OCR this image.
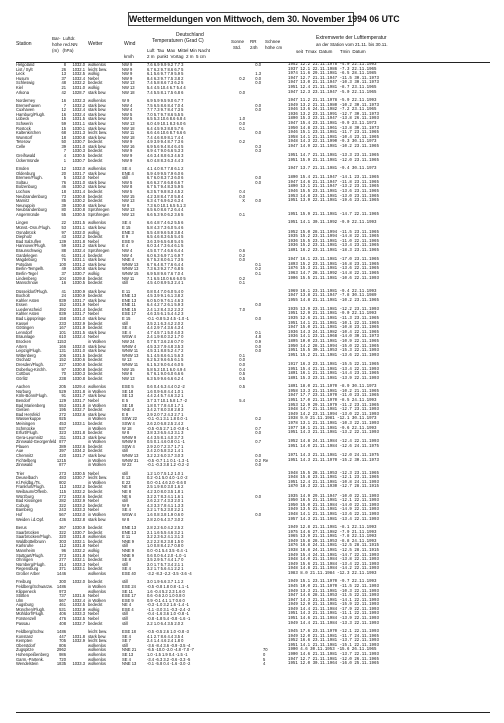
Wettermeldungen von Mittwoch, dem 30. November 1994 06 UTC
Station
Bar-  Luftdr.
höhe red.NN
(m)   (hPa)
Wetter	Wind
km/h
Deutschland
Temperaturen (Grad C)
Luft  Tau  Max  Mittel Min Nacht
2 m  punkt  Vortag  2 m  5 cm
Sonne
Std.
RR
24h
Schnee
höhe cm
Extremwerte der Lufttemperatur
an der Station vom 21.11. bis 30.11.
seit  Tmax  Datum      Tmin  Datum
Helgoland	8	1032.0 wolkenlos	NW 9	7.6 6.9 9.9 9.2 7.7 3	0.0	1952 12.2 21.11.1978 -4.0 22.11.1993
List / Sylt	26	1032.1 leicht bew.	NW 9	6.7 6.2 9.7 8.6 6.7 5	1937 12.1 22.11.1986 -7.3 22.11.1965
Leck	13	1032.5 wolkig	NW 9	6.1 5.6 9.7 7.9 5.9 5	1.3	1974 11.6 29.11.1981 -6.5 28.11.1985
Husum	37	1032.4 Nebel	NW 9	8.4 6.3 9.7 7.5 3.8 2	0.2	0.0	1947 12.7 21.11.1947 -11.5 30.11.1973
Schleswig	48	1032.2 bedeckt	NW 13	7.4 5.8 8.6 7.3 6.2 5	0.0	1947 13.0 21.11.1947 -10.3 30.11.1973
Kiel	21	1031.0 wolkig	NW 13	5.4 4.5 10.4 6.7 5.4 4	1951 12.4 21.11.1981 -8.7 23.11.1965
Arkona	42	1028.7 stark bew.	NW 18	7.4 5.5 8.1 7.5 6.8 6	0.0	1947 12.3 23.11.1947 -5.0 22.11.1965
Norderney	16	1032.3 wolkenlos	W 9	6.9 5.9 9.5 9.0 6.7 7	1947 11.2 21.11.1978 -5.9 22.11.1993
Bremerhaven	7	1032.2 stark bew.	NW 4	7.5 6.5 8.6 8.4 7.0 4	0.0	1949 13.2 21.11.1980 -10.2 30.11.1973
Cuxhaven	12	1032.4 stark bew.	NW 4	7.7 7.3 9.7 8.4 7.3 5	0.0	1946 13.6 24.11.1982 -7.2 23.11.1965
Hamburg/Flugh.	16	1032.4 stark bew.	NW 5	7.0 5.7 9.7 8.6 5.5 5	1936 13.2 23.11.1991 -12.7 30.11.1973
Lübeck	15	1031.5 stark bew.	NW 5	6.5 5.3 10.6 8.6 6.8 4	1.0	1890 15.3 23.11.1947 -13.8 26.11.1993
Schwerin	59	1031.1 stark bew.	NW 13	6.0 4.9 10.1 8.3 6.0 6	0.0	1947 15.4 23.11.1981 -9.9 23.11.1973
Rostock	15	1030.1 stark bew.	NW 18	6.4 4.5 9.3 8.8 5.7 6	0.1	1950 14.8 23.11.1961 -13.8 30.11.1973
Kaltenkirchen	68	1031.3 leicht bew.	NW 11	6.6 4.6 10.6 8.7 6.6 6	0.0	1946 15.1 23.11.1981 -11.7 23.11.1965
Wunstorf	18	1030.8 stark bew.	NW 18	7.4 4.6 8.9 8.1 7.4 4	1958 14.1 21.11.1981 -10.4 23.11.1965
Teterow	50	1030.7 bedeckt	NW 9	4.9 3.9 9.4 8.7 7.3 6	0.2	1948 14.3 22.11.1990 -9.3 30.11.1973
Celle	39	1031.0 stark bew.	NW 16	6.9 5.6 9.4 8.4 6.4 5	0.3	1947 14.9 22.11.1981 -10.2 23.11.1965
7	1030.3 bedeckt	NW 9	6.9 4.7 9.0 6.6 5.3 3	0.3
Greifswald	4	1030.5 bedeckt	NW 9	4.6 3.4 8.8 6.3 4.6 3	1951 14.7 21.11.1981 -13.3 23.11.1965
Ückermünde	1	1030.7 bedeckt	NW 9	6.0 4.8 8.3 6.3 4.4 3	1951 15.9 21.11.1981 -12.0 23.11.1965
Emden	12	1032.0 wolkenlos	SE 4	4.1 4.0 8.7 7.8 6.1 2	1947 13.7 21.11.1981 -9.4 30.11.1973
Oldenburg	20	1031.7 stark bew.	ENE 4	5.9 4.9 9.5 7.9 6.0 6
Bremen/Flugh.	5	1032.0 Nebel	still	6.7 6.0 8.3 7.3 6.0 6	0.0	1890 15.4 21.11.1947 -14.1 23.11.1965
Soltau	76	1031.0 stark bew.	NW 5	6.6 6.2 7.6 6.8 6.6 7	0.0	1947 14.6 21.11.1947 -11.8 23.11.1965
Bolzenburg	46	1030.2 stark bew.	NW 8	6.7 5.7 9.4 8.3 5.9 5	1890 13.1 21.11.1947 -13.2 23.11.1965
Lüchow	18	1031.4 bedeckt	NW 5	6.3 5.7 9.8 8.3 4.5 2	0.4	1946 15.5 23.11.1981 -13.6 23.11.1965
Neubrandenburg	73	1030.8 bedeckt	NW 15	4.2 3.8 8.4 7.0 5.8 4	0.0	1953 14.8 23.11.1981 -13.0 23.11.1965
Marnitz	85	1030.2 bedeckt	NW 13	6.3 4.7 6.9 6.2 6.3 4	X	0.0	1951 13.9 22.11.1981 -19.6 23.11.1965
Neuruppin	39	1030.8 stark bew.	W 8	7.3 6.0 10.1 6.5 5.1 3
Neubrandenburg	80	1030.8 Sprühregen	NW 13	6.5 6.0 8.6 7.2 6.4 4
Angermünde	55	1030.5 Sprühregen	NW 13	6.6 5.3 9.0 6.2 3.6 5	0.1	1951 15.9 21.11.1981 -14.7 22.11.1965
Lingen	22	1031.5 wolkenlos	SE 4	6.6 4.8 7.4 6.2 5.5 6	1951 14.1 30.11.1992 -9.0 22.11.1993
Münst.-Osn./Flugh.	53	1031.1 stark bew.	E 15	5.8 4.3 7.3 6.0 5.4 6
Osnabrück	97	1032.0 wolkig	ENE 3	5.5 4.8 9.6 5.8 3.8 4	1952 15.0 28.11.1994 -11.5 23.11.1965
Diepholz	43	1032.2 bedeckt	E 9	6.5 4.6 8.3 6.5 5.4 5	1935 15.2 23.11.1994 -14.8 22.11.1965
Bad Salzuflen	139	1031.8 Nebel	ESE 9	3.6 3.9 6.5 6.8 5.4 5	1936 15.5 23.11.1981 -11.0 22.11.1965
Hannover/Flugh.	59	1031.2 stark bew.	E 4	6.0 3.4 7.3 6.4 6.1 5	1936 15.2 23.11.1981 -13.4 23.11.1965
Braunschweig	88	1032.4 Sprühregen	NW 4	4.5 0.7 7.4 6.6 6.4 4	0.6	1891 16.2 23.11.1981 -18.3 23.11.1965
Gardelegen	61	1031.4 bedeckt	NW 4	6.0 6.3 6.9 7.1 6.9 7	0.2
Magdeburg	76	1031.1 stark bew.	NNE 4	6.7 5.2 8.0 6.1 7.3 5	0.0	1947 16.1 23.11.1981 -17.0 23.11.1965
Potsdam	100	1031.2 stark bew.	WNW 13	6.7 6.4 8.7 7.6 6.4 4	0.1	1893 15.2 23.11.1981 -16.8 23.11.1965
Berlin-Tempelh.	49	1030.8 stark bew.	WNW 13	7.3 6.3 9.2 7.7 6.8 5	0.2	1876 15.3 21.11.1981 -13.6 22.11.1965
Berlin-Tegel	37	1030.7 wolkig	WNW 15	6.9 5.8 9.6 7.6 7.0 4	0.1	1963 14.7 28.11.1992 -14.8 22.11.1965
Lindenberg	104	1029.8 bedeckt	NW 11	7.1 6.5 10.0 6.6 6.0 5	0.2	1906 15.5 21.11.1981 -10.6 22.11.1993
Manschnow	16	1030.5 bedeckt	still	4.5 4.0 8.9 5.3 2.4 1	0.1
Düsseldorf/Flugh.	41	1030.9 stark bew.	E 11	0.8 0.4 7.0 6.0 5.4 0	1969 16.1 23.11.1981 -9.4 22.11.1993
Bocholt	24	1030.9 bedeckt	ENE 13	4.5 3.9 9.1 6.1 3.8 2	1947 13.8 21.11.1947 -7.8 30.11.1989
Kahler Asten	839	1031.7 stark bew.	ENE 13	6.0 5.0 9.7 6.1 4.6 3	1955 14.8 21.11.1981 -10.2 23.11.1965
Essen	152	1031.9 Nebel	ENE 11	6.4 4.2 7.2 6.1 5.9 3	0.0
Luedenscheid	392	1031.4 bedeckt	ENE 15	2.4 1.2 8.4 3.2 2.3 2	7.0	1935 13.9 23.11.1981 -12.2 23.11.1993
Kahler Asten	839	1031.7 Nebel	ESE 17	4.6 3.5 6.1 5.4 4.2 3	1951 12.9 21.11.1981 -9.0 22.11.1993
Bad Lippspringe	158	1031.0 stark bew.	E 15	-0.1 -0.8 5.3 4.5 -1.0 -1	0.0	1935 12.6 21.11.1981 -11.3 23.11.1965
Kassel	233	1032.9 bedeckt	still	3.5 2.1 6.3 4.2 2.0 2	1951 14.1 21.11.1981 -10.1 22.11.1965
Göttingen	167	1031.9 bedeckt	SE 4	4.4 2.9 7.4 3.6 4.3 4	1947 15.0 21.11.1981 -10.8 23.11.1965
Lenndorf	101	1031.5 stark bew.	SE 4	4.7 4.5 7.1 5.0 4.0 3	0.1	1936 14.3 24.11.1982 -10.4 22.11.1965
Braunlage	610	1032.4 Nebel	WSW 4	2.4 1.9 8.0 3.2 1.7 0	4.8	1936 14.1 23.11.1968 -14.0 30.11.1973
Brocken	1153	in Wolken	NW 24	0.7 0.7 3.6 2.6 0.7 0	0.9	1895 10.0 23.11.1981 -10.9 22.11.1965
Artern	166	1032.0 stark bew.	WNW 4	4.5 3.3 7.9 4.8 3.5 3	0.0	1950 14.2 28.11.1994 -15.0 22.11.1965
Leipzig/Flugh.	131	1031.0 stark bew.	WNW 11	4.5 3.1 8.8 5.2 4.7 2	0.0	1951 15.5 30.11.1953 -15.3 22.11.1993
Wittenberg	106	1031.5 bedeckt	WNW 13	5.1 4.5 8.6 6.1 5.6 3	0.1	1951 15.2 21.11.1981 -13.6 22.11.1993
Oschatz	152	1030.6 bedeckt	W 13	6.2 5.2 9.6 6.5 6.1 5	0.0
Dresden/Flugh.	227	1030.8 bedeckt	WNW 11	6.1 5.2 9.0 6.4 6.0 5	0.0	1917 16.3 23.11.1981 -15.5 22.11.1965
Doberlug-Kirchh.	97	1030.8 bedeckt	NW 15	5.8 5.2 10.1 6.0 4.9 4	0.4	1951 15.4 21.11.1981 -13.4 22.11.1993
Cottbus	70	1030.3 bedeckt	NW 8	6.7 6.1 9.0 6.0 6.6 6	0.5	1891 16.1 21.11.1981 -14.4 23.11.1965
Görlitz	238	1030.8 bedeckt	NW 13	6.3 5.9 9.6 6.6 6.2 4	0.5	1891 15.3 23.11.1981 -13.9 22.11.1993
Aachen	205	1029.4 wolkenlos	ESE 5	0.6 0.4 6.3 4.4 0.2 -2	0.5	1891 18.0 21.11.1970 -8.9 30.11.1973
Nürburg	529	1031.8 in Wolken	SE 18	1.6 0.9 6.8 4.4 1.0 1	1958 13.3 21.11.1981 -10.2 21.11.1965
Köln-Bonn/Flugh.	91	1031.7 stark bew.	SE 13	4.4 2.4 5.7 4.6 3.2 1	1947 17.7 23.11.1970 -11.0 23.11.1965
Bendorf	129	1031.7 Nebel	E 5	3.7 3.7 10.1 5.8 1.7 -2	5.4	1951 17.0 21.11.1970 -8.5 24.11.1993
Bad Marienberg	553	1031.8 in Wolken	SE 18	1.8 0.7 7.8 4.0 1.7 1	1953 12.9 29.11.1979 -11.2 23.11.1965
Gießen	195	1032.7 bedeckt	NNE 4	3.4 2.7 8.0 3.8 2.8 3	1948 14.7 21.11.1981 -12.7 23.11.1993
Bad Hersfeld	272	1032.6 stark bew.	E 8	2.9 2.0 7.2 4.3 2.7 1	1949 14.2 23.11.1994 -13.0 22.11.1993
Wasserkuppe	925	in Wolken	SSW 22	-0.1 -0.1 3.1 1.8 0.0 -1	0.2	1938 9.9 21.11.1981 -12.1 30.11.1973
Meiningen	453	1033.1 bedeckt	SSW 4	2.6 2.0 6.8 2.5 2.4 2	1978 13.1 21.11.1981 -10.3 22.11.1993
Schmücke	937	in Wolken	W 18	-0.5 -0.5 2.7 1.0 -0.8 -1	0.7	1977 10.1 21.11.1981 -9.6 22.11.1993
Erfurt/Flugh.	323	1031.8 bedeckt	W 8	3.8 3.3 6.5 4.3 3.1 3	0.0	1951 14.3 21.11.1981 -13.2 22.11.1993
Gera-Leumnitz	311	1031.3 stark bew.	WNW 9	4.4 3.5 8.1 4.0 3.7 3
Zinnwald-Georgenfeld 877	in Wolken	WNW 9	0.5 0.1 4.6 0.8 0.1 -1	0.7	1952 14.8 24.11.1984 -12.4 22.11.1993
Plauen	389	1032.6 bedeckt	SSW 4	2.9 2.0 7.2 3.7 1.7 1	1951 14.0 21.11.1984 -12.6 24.11.1975
Aue	397	1034.2 bedeckt	still	2.4 2.0 5.8 3.2 1.4 1
Chemnitz	420	1031.7 stark bew.	WNW 13	3.2 2.2 6.0 3.7 3.0 3	0.0	1971 14.3 21.11.1981 -12.0 24.11.1975
Fichtelberg	1215	in Wolken	WNW 31	-0.5 -0.7 1.1 0.1 -1.3 -1	0.2 Re	1951 14.3 21.11.1970 -15.2 30.11.1973
Zinnwald	877	in Wolken	W 22	-0.1 -0.3 3.8 1.2 -0.2 -2	0.0
Trier	273	1030.5 Nebel	still	1.2 1.0 7.5 1.2 1.0 1	1948 15.5 28.11.1953 -12.3 23.11.1965
Deuselbach	483	1030.7 leicht bew.	E 13	0.2 -0.1 5.0 4.0 -1.0 -2	1948 15.8 23.11.1981 -12.1 23.11.1965
Kl.Feldbg./Ts.	802	in Wolken	E 22	0.0 -0.1 4.6 2.0 -0.6 0	1951 12.4 21.11.1981 -10.8 24.11.1993
Frankfurt/Flugh.	113	1032.2 bedeckt	NE 8	2.5 1.9 8.0 3.0 1.6 2	1870 18.3 22.11.1930 -12.7 28.11.1915
Weibaum/Offenb.	115	1032.2 bedeckt	NE 8	4.2 3.0 8.0 3.5 1.8 1
Würzburg	272	1032.6 bedeckt	NE 6	3.2 2.7 8.3 4.1 1.6 1	0.0	1935 14.9 29.11.1947 -10.0 22.11.1993
Bad Kissingen	282	1032.9 Nebel	still	2.6 2.2 7.4 3.3 2.0 1	1950 16.5 21.11.1981 -12.1 22.11.1993
Coburg	322	1033.2 bedeckt	W 9	4.3 3.3 7.8 4.1 1.3 3	1950 15.0 21.11.1984 -14.0 22.11.1993
Bamberg	243	1033.3 Nebel	SE 4	2.2 1.7 5.2 3.0 2.2 1	1949 13.5 21.11.1981 -14.9 22.11.1993
Hof	567	1032.0 in Wolken	WSW 4	1.6 0.8 3.8 1.9 0.6 0	0.0	1948 14.1 21.11.1981 -13.6 22.11.1993
Weiden i.d.Opf.	436	1032.8 stark bew.	W 8	2.8 2.0 6.4 3.7 3.0 2	1957 14.3 21.11.1981 -13.4 22.11.1993
Berus	367	1030.9 bedeckt	ENE 13	2.8 2.2 6.0 4.2 2.5 2	1949 12.8 21.11.1981 -8.1 22.11.1993
Saarbrücken	322	1030.7 bedeckt	ENE 13	2.1 1.6 5.5 4.6 3.2 1	1975 14.6 27.11.1982 -7.9 21.11.1993
Saarbrücken/Flugh.	320	1031.8 wolkenlos	E 11	3.2 2.3 6.2 4.1 3.1 3	1965 13.9 21.11.1981 -7.8 22.11.1993
Waldbüttelbrunn	303	1032.1 bedeckt	NNE 9	2.2 2.2 8.2 3.8 1.5 0	1949 15.8 28.11.1953 -8.8 24.11.1993
Karlsruhe	112	1031.8 Nebel	still	1.0 0.8 8.4 2.7 0.8 0	1876 16.8 24.11.1981 -12.5 28.11.1915
Mannheim	96	1032.2 wolkig	NNE 9	0.0 -0.1 5.4 3.5 -0.4 -1	1938 16.8 24.11.1981 -12.5 28.11.1915
Stuttgart/Flugh.	373	1031.8 Nebel	NNE 9	0.6 0.0 6.4 2.0 -1.0 -1	1949 15.4 24.11.1981 -14.7 22.11.1993
Ohringen	277	1032.1 bedeckt	SE 8	3.5 2.9 5.7 4.4 1.7 0	1948 14.0 21.11.1984 -13.8 22.11.1993
Nürnberg/Flugh.	314	1033.3 Nebel	still	2.0 1.7 5.7 3.4 2.1 1	1949 15.6 21.11.1984 -13.4 22.11.1993
Regensburg	371	1033.1 bedeckt	SE 4	3.2 1.7 5.6 4.1 2.2 1	1948 14.8 21.11.1984 -14.2 22.11.1993
Großer Arber	1446	wolkenlos	ESE 40	-3.2 -8.3 -2.2 -3.5 -3.6 -4	1983 8.0 21.11.1984 -12.3 22.11.1993
Freiburg	300	1032.0 bedeckt	still	3.0 1.9 6.6 3.7 1.1 2	1949 15.1 23.11.1970 -9.7 22.11.1993
Feldberg/Schwarzw. 1486	in Wolken	ESE 24	-0.5 -0.8 1.8 0.8 -1.1 -1	1945 10.0 21.11.1970 -11.5 22.11.1993
Klippeneck	973	wolkenlos	SE 11	1.6 -0.4 5.2 2.3 1.6 0	1949 13.3 21.11.1981 -10.3 22.11.1993
Stötten	737	1031.6 Nebel	ESE 17	0.6 -0.6 2.0 1.0 0.8 0	1947 14.6 28.11.1953 -11.5 22.11.1993
Ulm	567	1032.4 in Wolken	ESE 9	0.9 -0.1 4.1 1.7 0.6 0	1947 14.3 21.11.1981 -14.1 22.11.1993
Augsburg	461	1032.5 bedeckt	NE 4	-0.3 -1.0 3.2 1.6 -1.4 -1	1949 12.9 21.11.1981 -15.9 22.11.1993
München/Flugh.	531	1032.9 wolkig	ESE 4	-1.1 -3.0 3.1 -0.3 -2.4 -2	1949 14.4 21.11.1984 -17.9 22.11.1993
Mühldorf/Flugh.	406	1033.3 Nebel	still	-0.4 -1.6 3.6 1.0 -0.8 -1	1951 14.3 21.11.1981 -11.1 22.11.1993
Fürstenzell	476	1032.5 Nebel	still	-0.8 -1.8 5.4 -0.8 -1.6 -1	1951 14.6 21.11.1984 -13.9 22.11.1993
Passau	408	1032.7 bedeckt	still	2.2 1.0 6.4 3.5 2.0 2	1949 14.4 21.11.1984 -13.3 22.11.1993
Feldberg/Schw.	1486	leicht bew.	ESE 18	-0.5 -0.5 2.6 1.0 -0.8 -3	1945 17.6 23.11.1970 -12.1 22.11.1993
Konstanz	447	1031.8 stark bew.	SE 4	4.1 2.7 8.6 4.4 3.5 4	1949 12.0 21.11.1981 -11.7 24.11.1965
Kempten	705	1032.9 leicht bew.	SE 7	2.4 1.4 4.6 2.4 1.8 0	1952 16.6 23.11.1981 -13.7 22.11.1993
Oberstdorf	806	wolkenlos	still	-3.6 -8.4 3.6 -0.9 -3.5 -4	1951 14.1 21.11.1981 -15.1 22.11.1993
Zugspitze	2962	wolkenlos	NNE 21	-6.5 -10.0 -2.0 -4.8 -7.0 -7	70	1900 4.6 30.11.1953 -15.6 26.11.1965
Hohenpeißenberg	986	wolkenlos	SE 13	1.0 -1.5 1.9 0.4 -1.5 -1	0	1900 14.6 21.11.1981 -13.7 22.11.1993
Garm.-Partenk.	720	wolkenlos	SE 4	-3.4 -6.3 3.2 -0.6 -3.3 -5	5	1947 12.7 21.11.1981 -12.0 26.11.1965
Wendelstein	1835	1033.3 wolkenlos	NNE 13	-0.1 -5.8 0.4 -1.6 -3.0 -2	4	1951 12.0 30.11.1964 -16.0 25.11.1965
